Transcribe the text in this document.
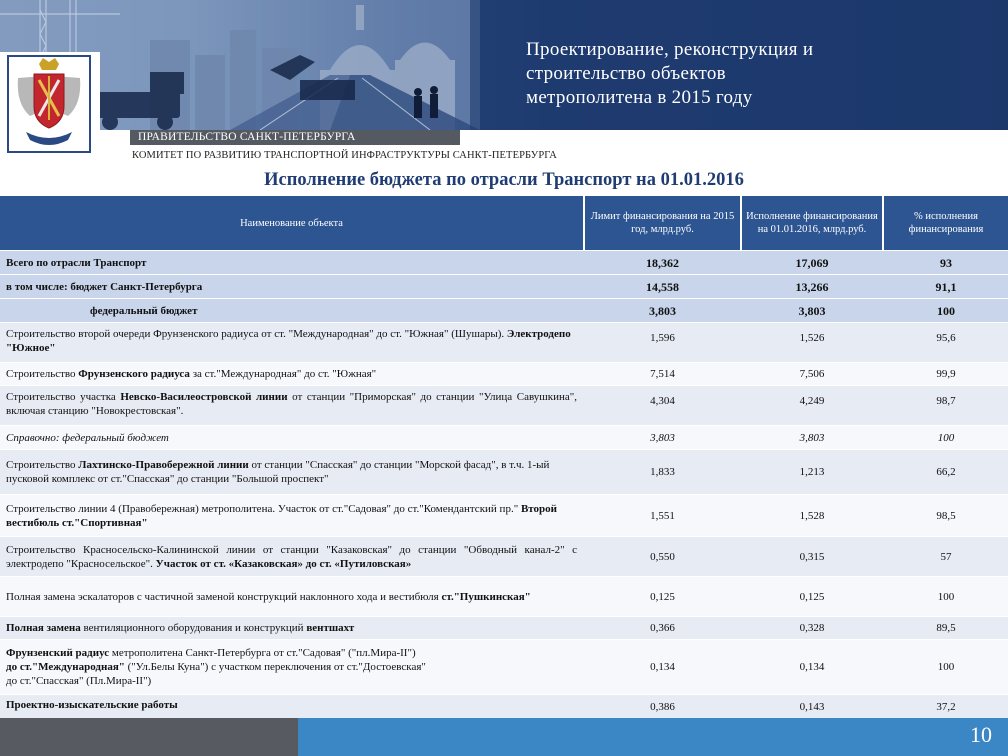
Проектирование, реконструкция и
строительство объектов
метрополитена в 2015 году
ПРАВИТЕЛЬСТВО САНКТ-ПЕТЕРБУРГА
КОМИТЕТ ПО РАЗВИТИЮ ТРАНСПОРТНОЙ ИНФРАСТРУКТУРЫ САНКТ-ПЕТЕРБУРГА
Исполнение бюджета по отрасли Транспорт на 01.01.2016
Наименование объекта
Лимит финансирования на 2015 год, млрд.руб.
Исполнение финансирования на 01.01.2016, млрд.руб.
% исполнения финансирования
Всего по отрасли Транспорт	18,362	17,069	93
в том числе: бюджет Санкт-Петербурга	14,558	13,266	91,1
федеральный бюджет	3,803	3,803	100
Строительство второй очереди Фрунзенского радиуса от ст. "Международная" до ст. "Южная" (Шушары). Электродепо "Южное"
1,596	1,526	95,6
Строительство Фрунзенского радиуса за ст."Международная" до ст. "Южная"	7,514	7,506	99,9
Строительство участка Невско-Василеостровской линии от станции "Приморская" до станции "Улица Савушкина", включая станцию "Новокрестовская".
4,304	4,249	98,7
Справочно: федеральный бюджет	3,803	3,803	100
Строительство Лахтинско-Правобережной линии от станции "Спасская" до станции "Морской фасад", в т.ч. 1-ый пусковой комплекс от ст."Спасская" до станции "Большой проспект"
1,833	1,213	66,2
Строительство линии 4 (Правобережная) метрополитена. Участок от ст."Садовая" до ст."Комендантский пр." Второй вестибюль ст."Спортивная"
1,551	1,528	98,5
Строительство Красносельско-Калининской линии от станции "Казаковская" до станции "Обводный канал-2" с электродепо "Красносельское". Участок от ст. «Казаковская» до ст. «Путиловская»
0,550	0,315	57
Полная замена эскалаторов с частичной заменой конструкций наклонного хода и вестибюля ст."Пушкинская"	0,125	0,125	100
Полная замена вентиляционного оборудования и конструкций вентшахт	0,366	0,328	89,5
Фрунзенский радиус метрополитена Санкт-Петербурга от ст."Садовая" ("пл.Мира-II")
до ст."Международная" ("Ул.Белы Куна") с участком переключения от ст."Достоевская"
до ст."Спасская" (Пл.Мира-II")
0,134	0,134	100
Проектно-изыскательские работы	0,386	0,143	37,2
10
